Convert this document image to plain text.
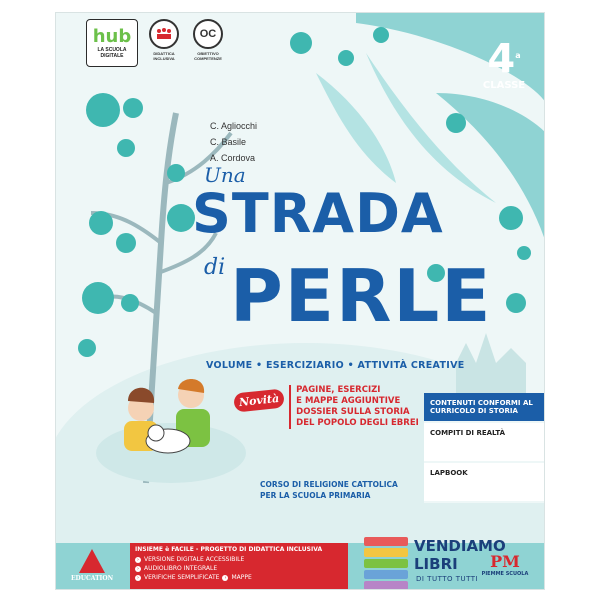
hub
LA SCUOLA
DIGITALE	DIDATTICA INCLUSIVA
OC
OBIETTIVO COMPETENZE	4$^a$
CLASSE
C. Agliocchi
C. Basile
A. Cordova
Una
STRADA
di PERLE
VOLUME • ESERCIZIARIO • ATTIVITÀ CREATIVE
Novità
PAGINE, ESERCIZI
E MAPPE AGGIUNTIVE
DOSSIER SULLA STORIA
DEL POPOLO DEGLI EBREI
CONTENUTI CONFORMI AL CURRICOLO DI STORIA
COMPITI DI REALTÀ
LAPBOOK
CORSO DI RELIGIONE CATTOLICA
PER LA SCUOLA PRIMARIA
EDUCATION
INSIEME è FACILE - PROGETTO DI DIDATTICA INCLUSIVA
› VERSIONE DIGITALE ACCESSIBILE
› AUDIOLIBRO INTEGRALE
› VERIFICHE SEMPLIFICATE	› MAPPE
VENDIAMO
LIBRI
DI TUTTO TUTTI
PM
PIEMME SCUOLA
